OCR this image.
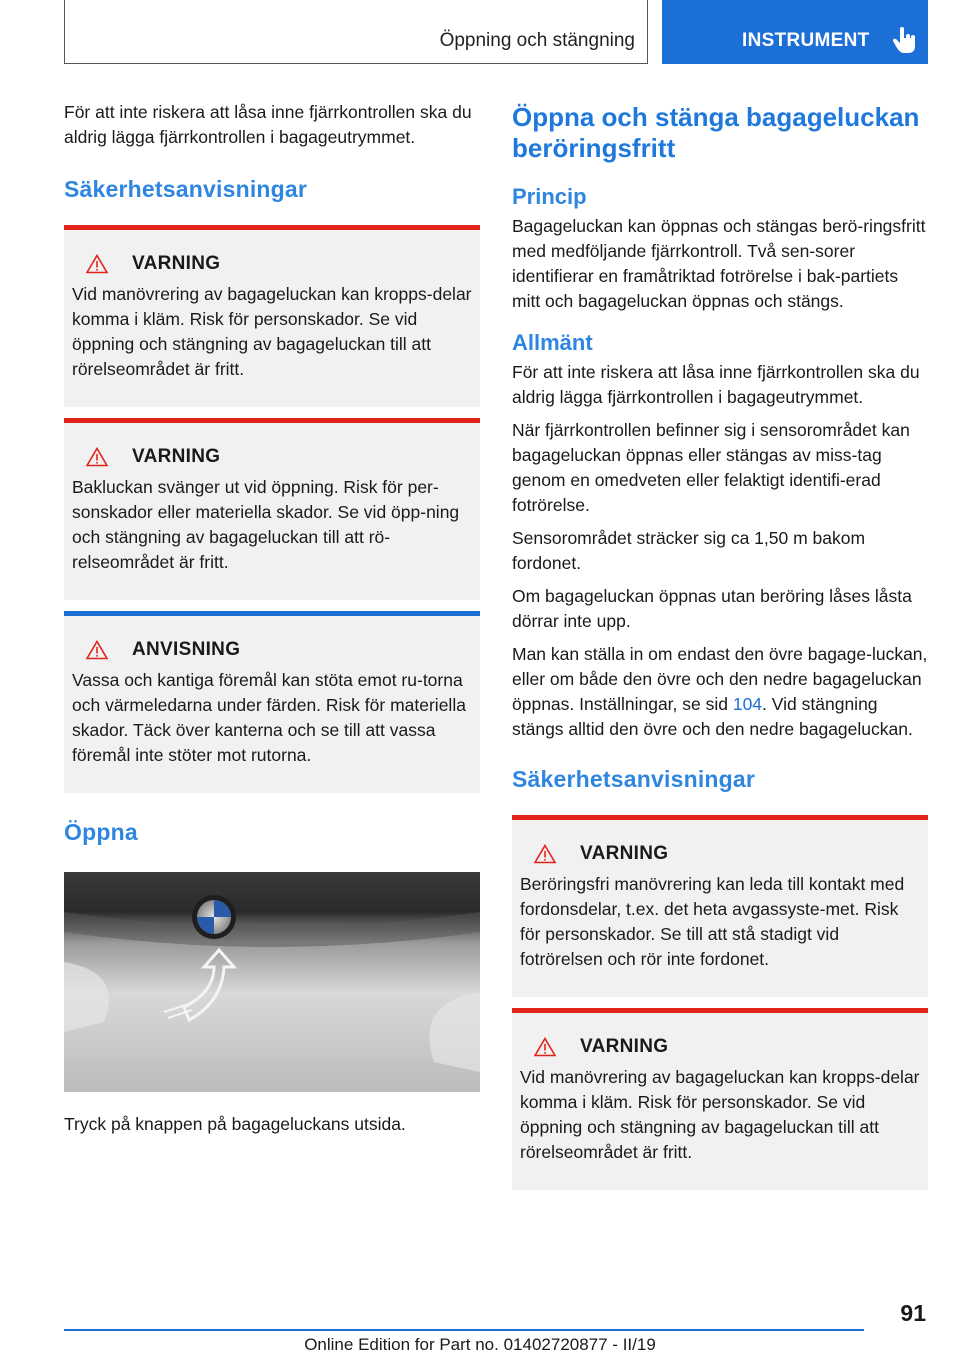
Öppning och stängning	INSTRUMENT

För att inte riskera att låsa inne fjärrkontrollen ska du aldrig lägga fjärrkontrollen i bagageutrymmet.

Säkerhetsanvisningar
VARNING

Vid manövrering av bagageluckan kan kropps-delar komma i kläm. Risk för personskador. Se vid öppning och stängning av bagageluckan till att rörelseområdet är fritt.

VARNING

Bakluckan svänger ut vid öppning. Risk för per-sonskador eller materiella skador. Se vid öpp-ning och stängning av bagageluckan till att rö-relseområdet är fritt.

ANVISNING

Vassa och kantiga föremål kan stöta emot ru-torna och värmeledarna under färden. Risk för materiella skador. Täck över kanterna och se till att vassa föremål inte stöter mot rutorna.

Öppna

Tryck på knappen på bagageluckans utsida.

Öppna och stänga bagageluckan beröringsfritt
Princip

Bagageluckan kan öppnas och stängas berö-ringsfritt med medföljande fjärrkontroll. Två sen-sorer identifierar en framåtriktad fotrörelse i bak-partiets mitt och bagageluckan öppnas och stängs.

Allmänt

För att inte riskera att låsa inne fjärrkontrollen ska du aldrig lägga fjärrkontrollen i bagageutrymmet.

När fjärrkontrollen befinner sig i sensorområdet kan bagageluckan öppnas eller stängas av miss-tag genom en omedveten eller felaktigt identifi-erad fotrörelse.

Sensorområdet sträcker sig ca 1,50 m bakom fordonet.

Om bagageluckan öppnas utan beröring låses låsta dörrar inte upp.

Man kan ställa in om endast den övre bagage-luckan, eller om både den övre och den nedre bagageluckan öppnas. Inställningar, se sid 104. Vid stängning stängs alltid den övre och den nedre bagageluckan.

Säkerhetsanvisningar
VARNING

Beröringsfri manövrering kan leda till kontakt med fordonsdelar, t.ex. det heta avgassyste-met. Risk för personskador. Se till att stå stadigt vid fotrörelsen och rör inte fordonet.

VARNING

Vid manövrering av bagageluckan kan kropps-delar komma i kläm. Risk för personskador. Se vid öppning och stängning av bagageluckan till att rörelseområdet är fritt.

91
Online Edition for Part no. 01402720877 - II/19
